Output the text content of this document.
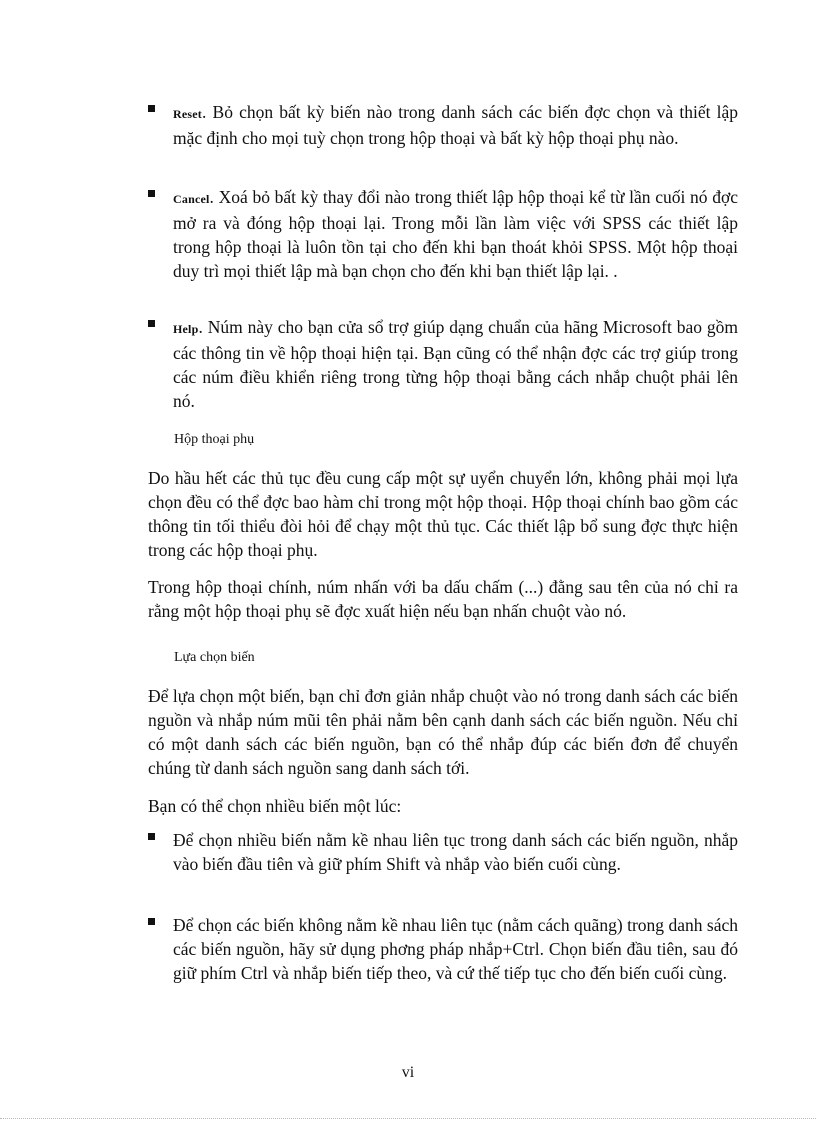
Reset. Bỏ chọn bất kỳ biến nào trong danh sách các biến đợc chọn và thiết lập mặc định cho mọi tuỳ chọn trong hộp thoại và bất kỳ hộp thoại phụ nào.
Cancel. Xoá bỏ bất kỳ thay đổi nào trong thiết lập hộp thoại kể từ lần cuối nó đợc mở ra và đóng hộp thoại lại. Trong mỗi lần làm việc với SPSS các thiết lập trong hộp thoại là luôn tồn tại cho đến khi bạn thoát khỏi SPSS. Một hộp thoại duy trì mọi thiết lập mà bạn chọn cho đến khi bạn thiết lập lại. .
Help. Núm này cho bạn cửa sổ trợ giúp dạng chuẩn của hãng Microsoft bao gồm các thông tin về hộp thoại hiện tại. Bạn cũng có thể nhận đợc các trợ giúp trong các núm điều khiển riêng trong từng hộp thoại bằng cách nhắp chuột phải lên nó.
Hộp thoại phụ
Do hầu hết các thủ tục đều cung cấp một sự uyển chuyển lớn, không phải mọi lựa chọn đều có thể đợc bao hàm chỉ trong một hộp thoại. Hộp thoại chính bao gồm các thông tin tối thiểu đòi hỏi để chạy một thủ tục. Các thiết lập bổ sung đợc thực hiện trong các hộp thoại phụ.
Trong hộp thoại chính, núm nhấn với ba dấu chấm (...) đằng sau tên của nó chỉ ra rằng một hộp thoại phụ sẽ đợc xuất hiện nếu bạn nhấn chuột vào nó.
Lựa chọn biến
Để lựa chọn một biến, bạn chỉ đơn giản nhắp chuột vào nó trong danh sách các biến nguồn và nhắp núm mũi tên phải nằm bên cạnh danh sách các biến nguồn. Nếu chỉ có một danh sách các biến nguồn, bạn có thể nhắp đúp các biến đơn để chuyển chúng từ danh sách nguồn sang danh sách tới.
Bạn có thể chọn nhiều biến một lúc:
Để chọn nhiều biến nằm kề nhau liên tục trong danh sách các biến nguồn, nhắp vào biến đầu tiên và giữ phím Shift và nhắp vào biến cuối cùng.
Để chọn các biến không nằm kề nhau liên tục (nằm cách quãng) trong danh sách các biến nguồn, hãy sử dụng phơng pháp nhắp+Ctrl. Chọn biến đầu tiên, sau đó giữ phím Ctrl và nhắp biến tiếp theo, và cứ thế tiếp tục cho đến biến cuối cùng.
vi
